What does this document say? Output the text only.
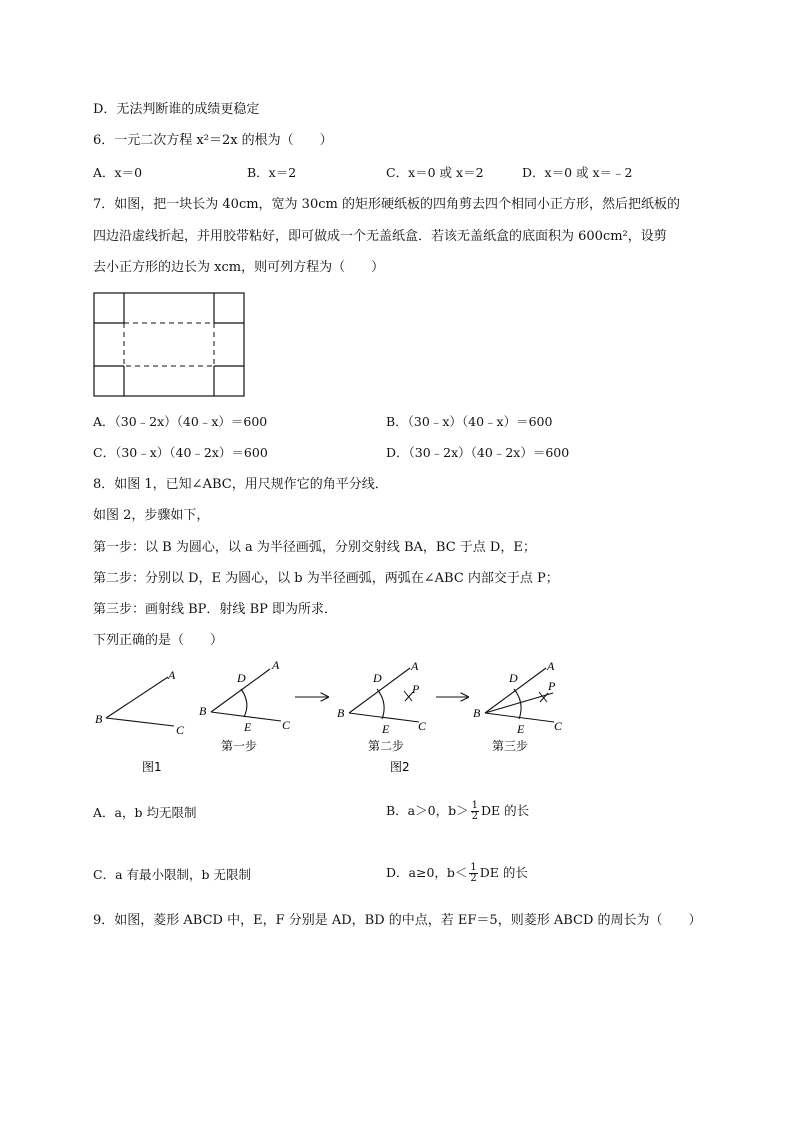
D．无法判断谁的成绩更稳定
6．一元二次方程 x²＝2x 的根为（　　）
A．x＝0	B．x＝2	C．x＝0 或 x＝2	D．x＝0 或 x＝﹣2
7．如图，把一块长为 40cm，宽为 30cm 的矩形硬纸板的四角剪去四个相同小正方形，然后把纸板的
四边沿虚线折起，并用胶带粘好，即可做成一个无盖纸盒．若该无盖纸盒的底面积为 600cm²，设剪
去小正方形的边长为 xcm，则可列方程为（　　）
A．（30﹣2x）（40﹣x）＝600	B．（30﹣x）（40﹣x）＝600
C．（30﹣x）（40﹣2x）＝600	D．（30﹣2x）（40﹣2x）＝600
8．如图 1，已知∠ABC，用尺规作它的角平分线．
如图 2，步骤如下，
第一步：以 B 为圆心，以 a 为半径画弧，分别交射线 BA，BC 于点 D，E；
第二步：分别以 D，E 为圆心，以 b 为半径画弧，两弧在∠ABC 内部交于点 P；
第三步：画射线 BP．射线 BP 即为所求．
下列正确的是（　　）
A
B
C
图1
A
D
B
E	C
第一步
A
D
P
B
E C
第二步
图2
A
D
P
B
E C
第三步
A．a，b 均无限制	B．a＞0，$b> \frac{1}{2}$ DE 的长
C．a 有最小限制，b 无限制	D．a≥0，$b< \frac{1}{2}$ DE 的长
9．如图，菱形 ABCD 中，E，F 分别是 AD，BD 的中点，若 EF＝5，则菱形 ABCD 的周长为（　　）
